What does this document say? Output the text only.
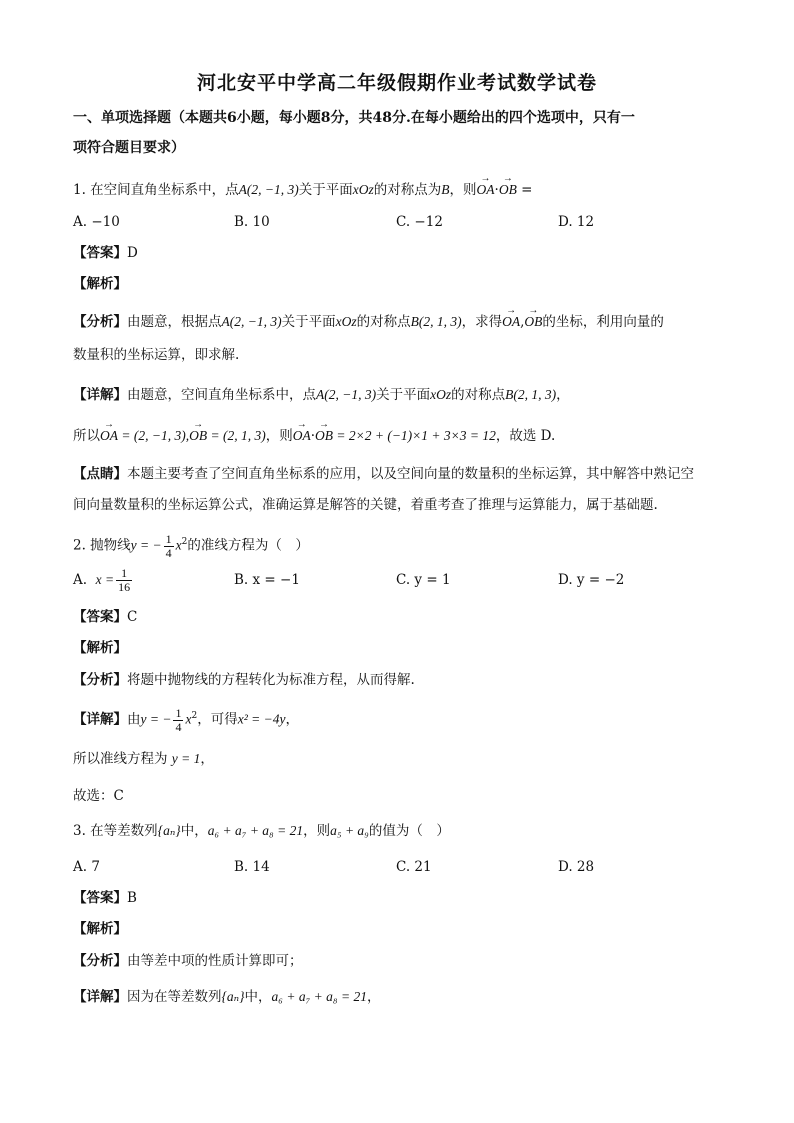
河北安平中学高二年级假期作业考试数学试卷
一、单项选择题（本题共6小题，每小题8分，共48分.在每小题给出的四个选项中，只有一
项符合题目要求）
1. 在空间直角坐标系中，点A(2, −1, 3)关于平面xOz的对称点为B，则→ OA·→ OB =
A. −10	B. 10	C. −12	D. 12
【答案】D
【解析】
【分析】由题意，根据点A(2, −1, 3)关于平面xOz的对称点B(2, 1, 3)，求得→ OA,→ OB的坐标，利用向量的
数量积的坐标运算，即求解.
【详解】由题意，空间直角坐标系中，点A(2, −1, 3)关于平面xOz的对称点B(2, 1, 3)，
所以→ OA = (2, −1, 3),→ OB = (2, 1, 3)，则→ OA·→ OB = 2×2 + (−1)×1 + 3×3 = 12，故选 D.
【点睛】本题主要考查了空间直角坐标系的应用，以及空间向量的数量积的坐标运算，其中解答中熟记空
间向量数量积的坐标运算公式，准确运算是解答的关键，着重考查了推理与运算能力，属于基础题.
2. 抛物线y = − $\frac{1}{4} x^2$的准线方程为（　）
A. $x = \frac{1}{16}$	B. x = −1	C. y = 1	D. y = −2
【答案】C
【解析】
【分析】将题中抛物线的方程转化为标准方程，从而得解.
【详解】由y = − $\frac{1}{4} x^2$，可得x² = −4y，
所以准线方程为 y = 1，
故选：C
3. 在等差数列{aₙ}中，a₆ + a₇ + a₈ = 21，则a₅ + a₉的值为（　）
A. 7	B. 14	C. 21	D. 28
【答案】B
【解析】
【分析】由等差中项的性质计算即可；
【详解】因为在等差数列{aₙ}中，a₆ + a₇ + a₈ = 21，
